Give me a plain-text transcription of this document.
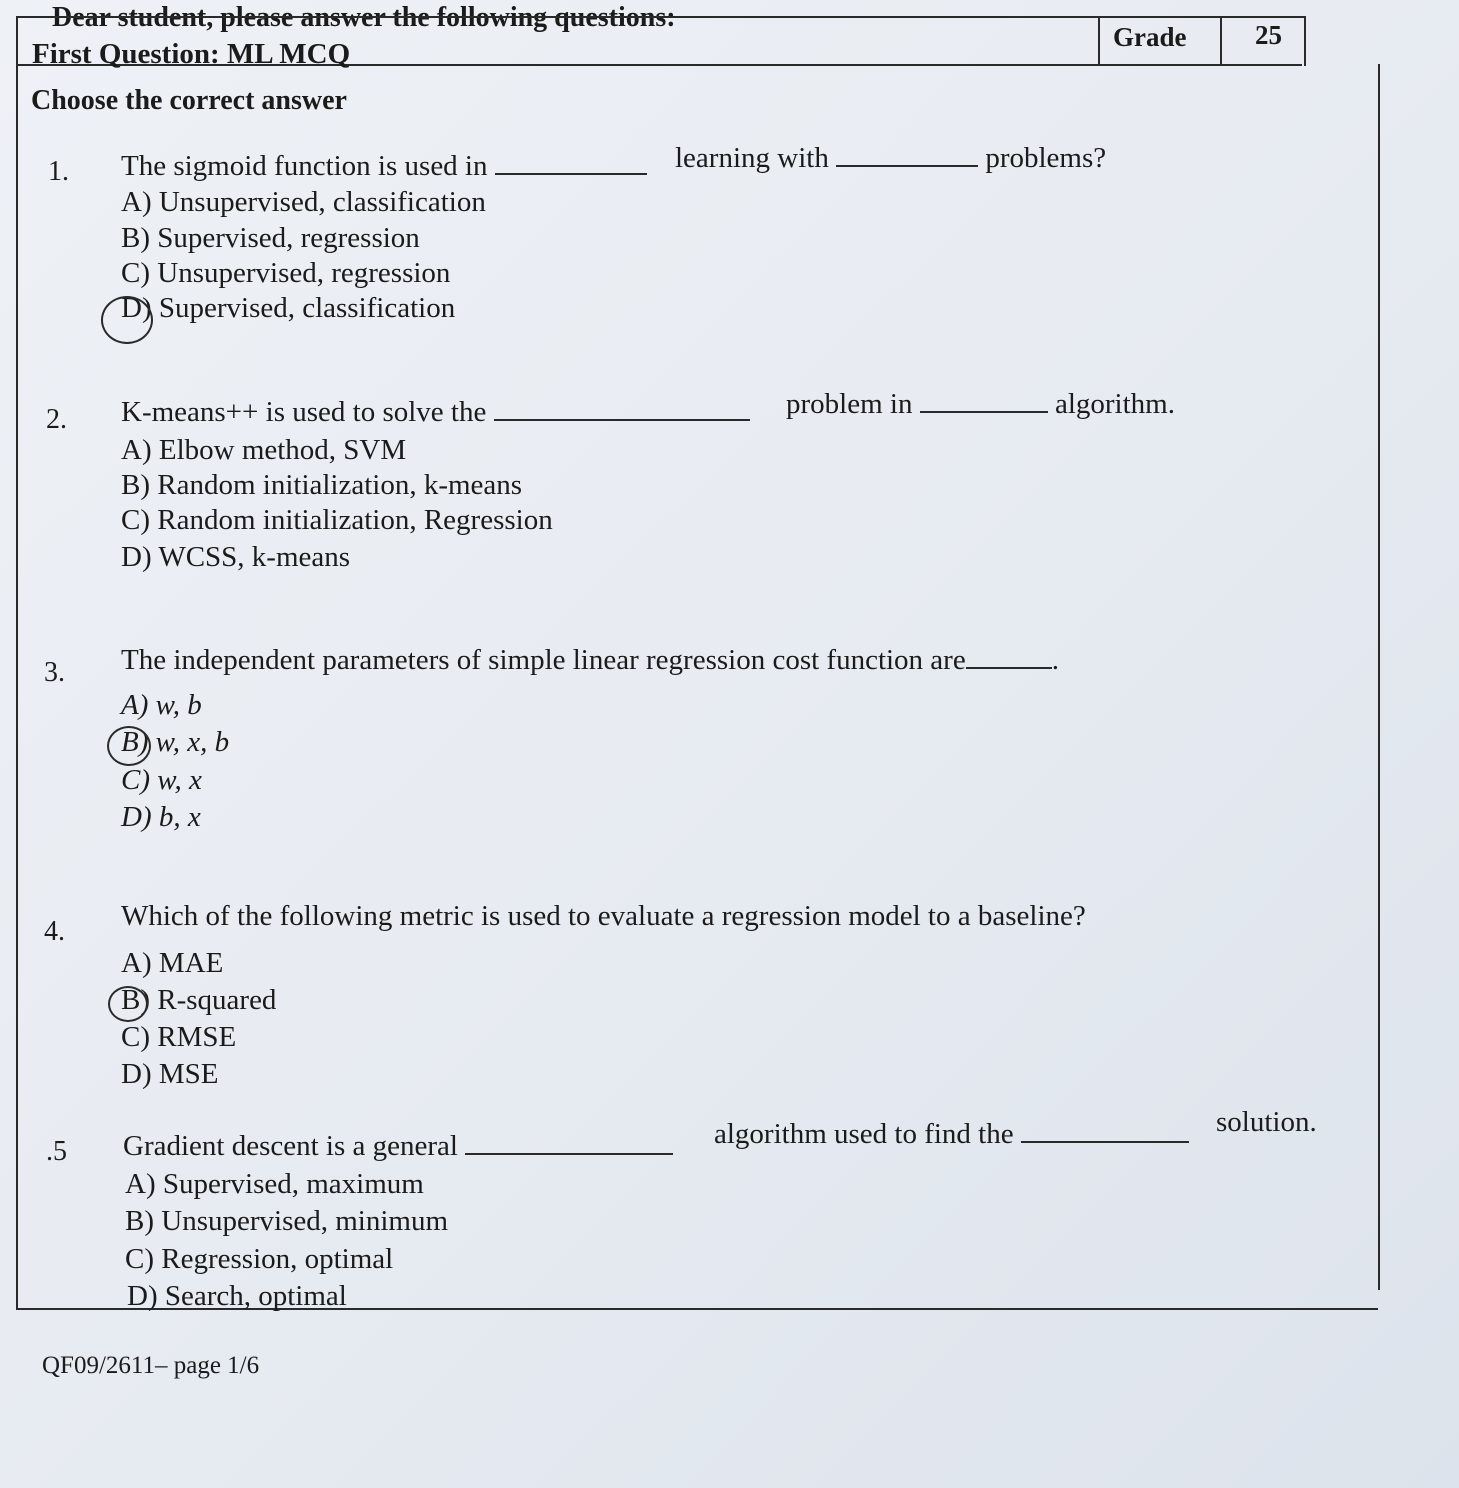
Dear student, please answer the following questions:
First Question: ML MCQ
Grade	25
Choose the correct answer
1. The sigmoid function is used in	learning with	problems?
A) Unsupervised, classification
B) Supervised, regression
C) Unsupervised, regression
D) Supervised, classification
2. K-means++ is used to solve the	problem in	algorithm.
A) Elbow method, SVM
B) Random initialization, k-means
C) Random initialization, Regression
D) WCSS, k-means
3. The independent parameters of simple linear regression cost function are	.
A) w, b
B) w, x, b
C) w, x
D) b, x
4. Which of the following metric is used to evaluate a regression model to a baseline?
A) MAE
B) R-squared
C) RMSE
D) MSE
.5 Gradient descent is a general	algorithm used to find the	solution.
A) Supervised, maximum
B) Unsupervised, minimum
C) Regression, optimal
D) Search, optimal
QF09/2611– page 1/6
